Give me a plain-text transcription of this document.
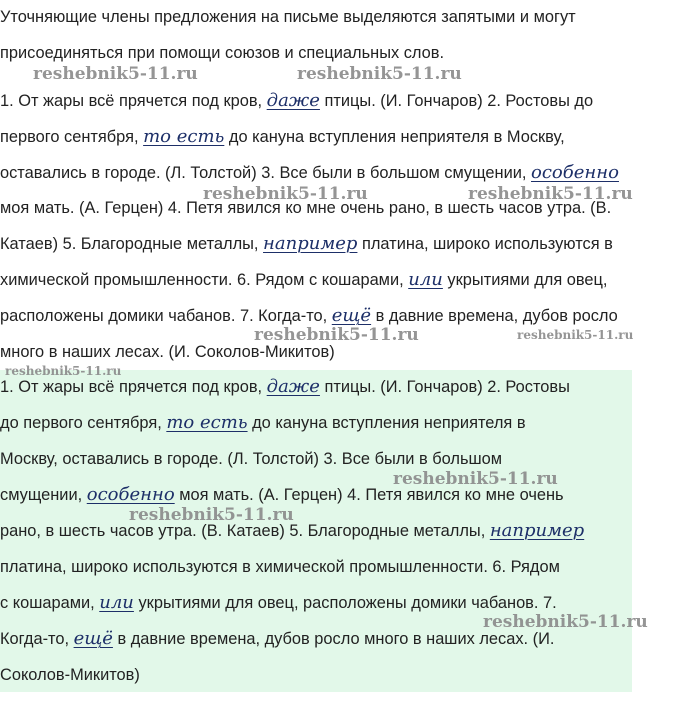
Уточняющие члены предложения на письме выделяются запятыми и могут
присоединяться при помощи союзов и специальных слов.
1. От жары всё прячется под кров, даже птицы. (И. Гончаров) 2. Ростовы до
первого сентября, то есть до кануна вступления неприятеля в Москву,
оставались в городе. (Л. Толстой) 3. Все были в большом смущении, особенно
моя мать. (А. Герцен) 4. Петя явился ко мне очень рано, в шесть часов утра. (В.
Катаев) 5. Благородные металлы, например платина, широко используются в
химической промышленности. 6. Рядом с кошарами, или укрытиями для овец,
расположены домики чабанов. 7. Когда-то, ещё в давние времена, дубов росло
много в наших лесах. (И. Соколов-Микитов)
1. От жары всё прячется под кров, даже птицы. (И. Гончаров) 2. Ростовы
до первого сентября, то есть до кануна вступления неприятеля в
Москву, оставались в городе. (Л. Толстой) 3. Все были в большом
смущении, особенно моя мать. (А. Герцен) 4. Петя явился ко мне очень
рано, в шесть часов утра. (В. Катаев) 5. Благородные металлы, например
платина, широко используются в химической промышленности. 6. Рядом
с кошарами, или укрытиями для овец, расположены домики чабанов. 7.
Когда-то, ещё в давние времена, дубов росло много в наших лесах. (И.
Соколов-Микитов)
reshebnik5-11.ru	reshebnik5-11.ru
reshebnik5-11.ru	reshebnik5-11.ru
reshebnik5-11.ru	reshebnik5-11.ru
reshebnik5-11.ru
reshebnik5-11.ru
reshebnik5-11.ru
reshebnik5-11.ru
